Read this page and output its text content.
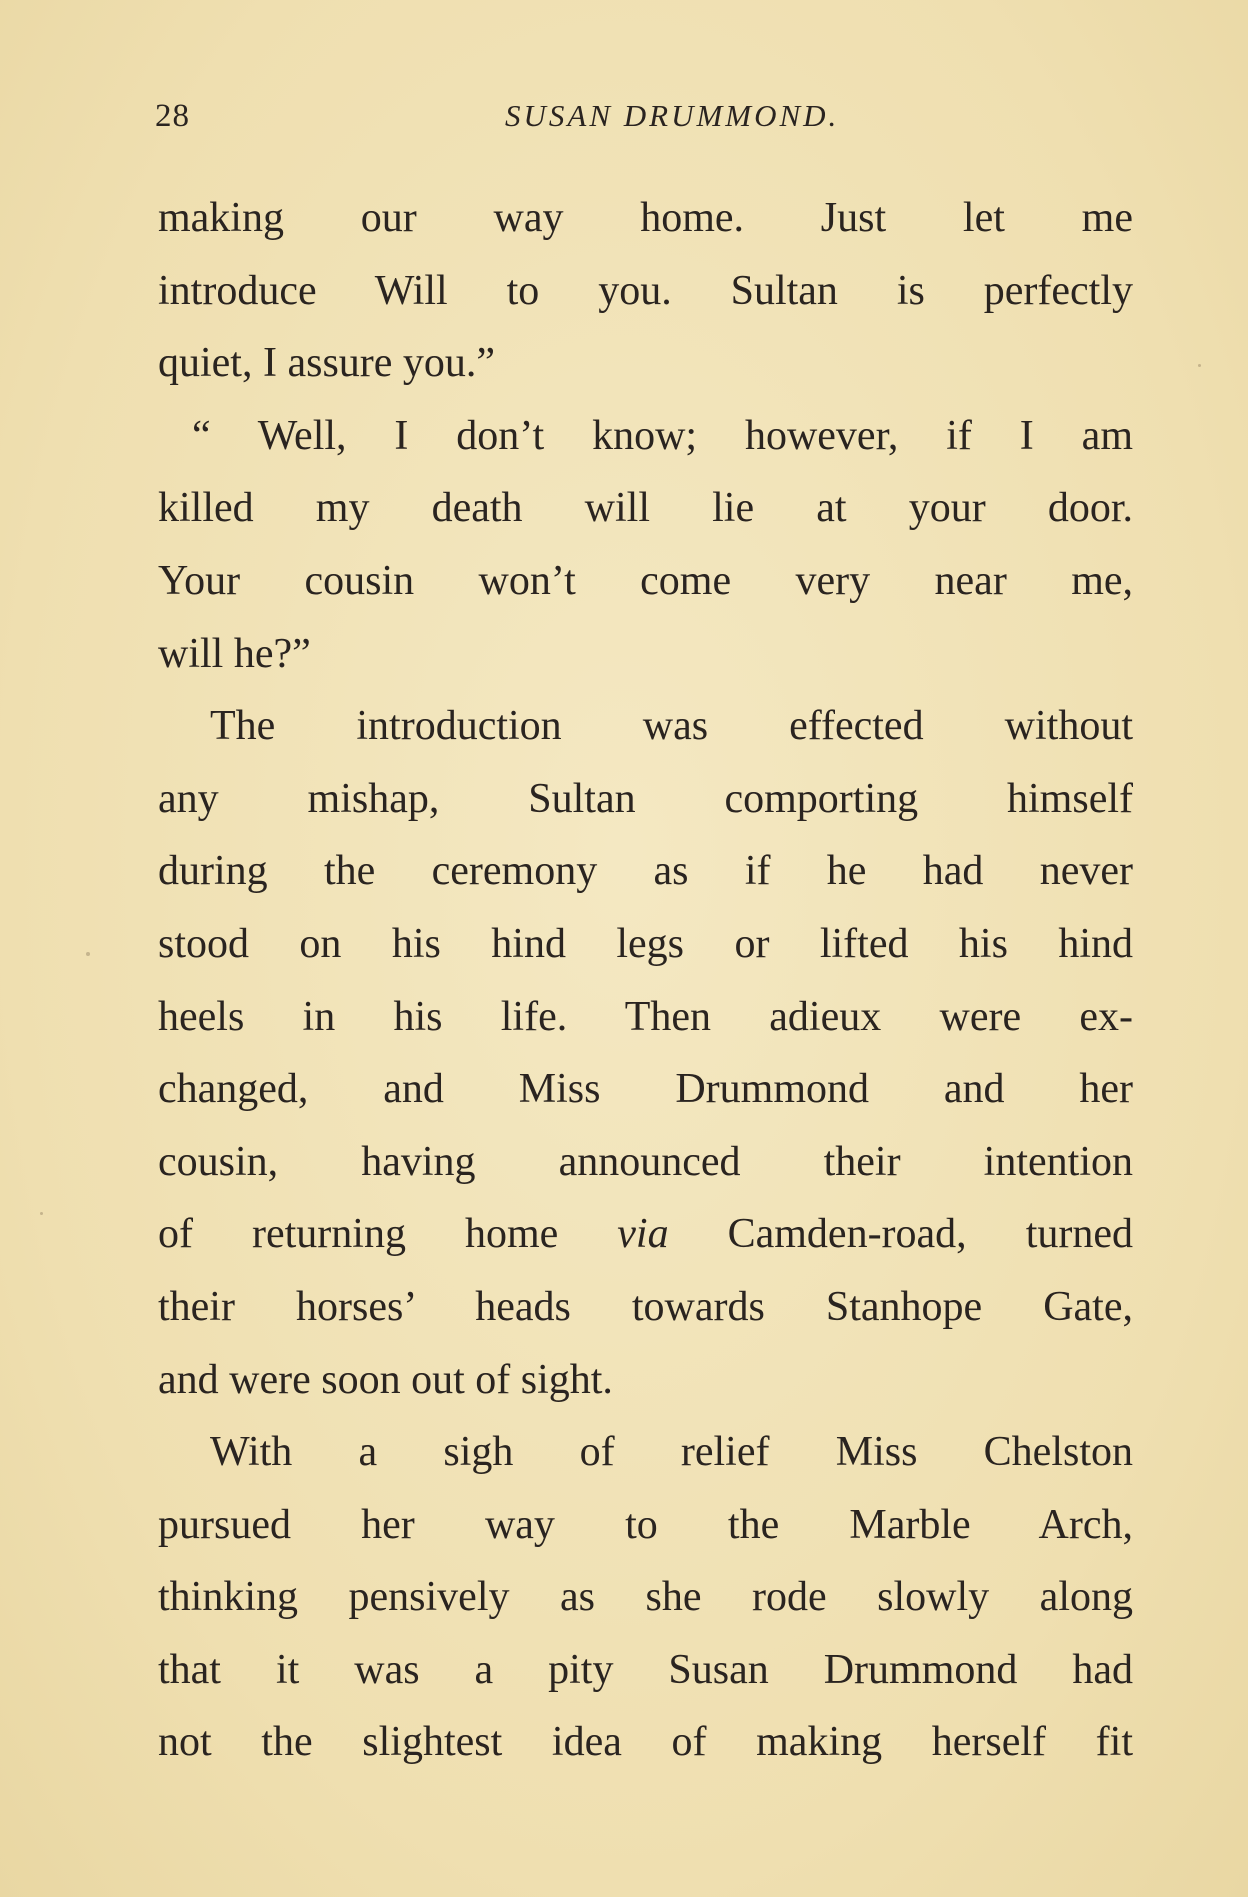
28	SUSAN DRUMMOND.
making our way home. Just let me
introduce Will to you. Sultan is perfectly
quiet, I assure you.”
“ Well, I don’t know; however, if I am
killed my death will lie at your door.
Your cousin won’t come very near me,
will he?”
The introduction was effected without
any mishap, Sultan comporting himself
during the ceremony as if he had never
stood on his hind legs or lifted his hind
heels in his life. Then adieux were ex-
changed, and Miss Drummond and her
cousin, having announced their intention
of returning home via Camden-road, turned
their horses’ heads towards Stanhope Gate,
and were soon out of sight.
With a sigh of relief Miss Chelston
pursued her way to the Marble Arch,
thinking pensively as she rode slowly along
that it was a pity Susan Drummond had
not the slightest idea of making herself fit
